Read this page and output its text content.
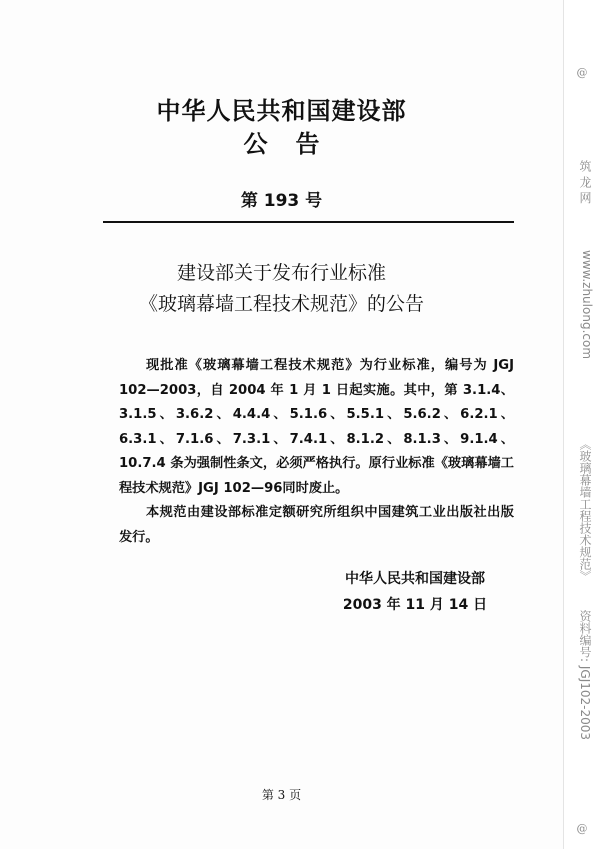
中华人民共和国建设部
公告
第 193 号
建设部关于发布行业标准
《玻璃幕墙工程技术规范》的公告

现批准《玻璃幕墙工程技术规范》为行业标准，编号为 JGJ 102—2003，自 2004 年 1 月 1 日起实施。其中，第 3.1.4、3.1.5、3.6.2、4.4.4、5.1.6、5.5.1、5.6.2、6.2.1、6.3.1、7.1.6、7.3.1、7.4.1、8.1.2、8.1.3、9.1.4、10.7.4 条为强制性条文，必须严格执行。原行业标准《玻璃幕墙工程技术规范》JGJ 102—96同时废止。

本规范由建设部标准定额研究所组织中国建筑工业出版社出版发行。

中华人民共和国建设部
2003 年 11 月 14 日
第 3 页
@
筑 龙 网
www.zhulong.com
《玻璃幕墙工程技术规范》
资料编号: JGJ102-2003
@
